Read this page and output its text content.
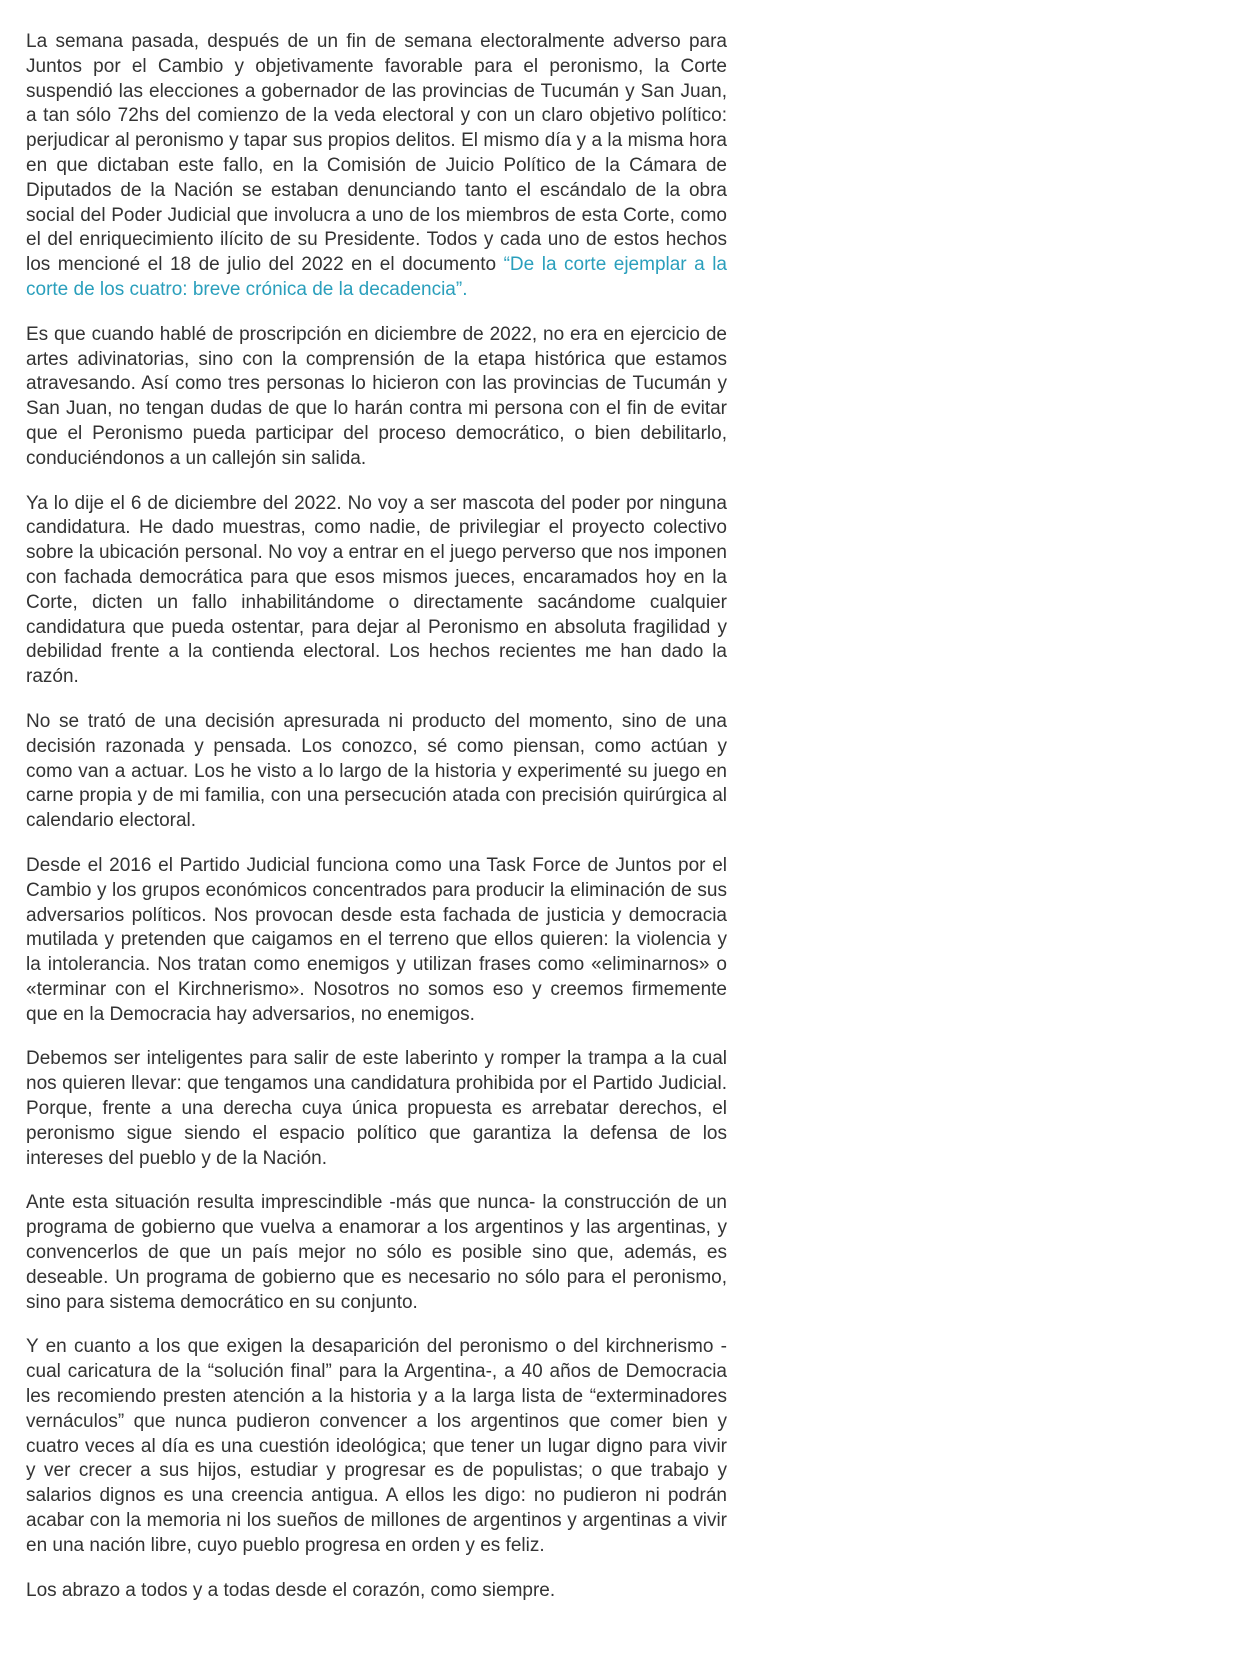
La semana pasada, después de un fin de semana electoralmente adverso para Juntos por el Cambio y objetivamente favorable para el peronismo, la Corte suspendió las elecciones a gobernador de las provincias de Tucumán y San Juan, a tan sólo 72hs del comienzo de la veda electoral y con un claro objetivo político: perjudicar al peronismo y tapar sus propios delitos. El mismo día y a la misma hora en que dictaban este fallo, en la Comisión de Juicio Político de la Cámara de Diputados de la Nación se estaban denunciando tanto el escándalo de la obra social del Poder Judicial que involucra a uno de los miembros de esta Corte, como el del enriquecimiento ilícito de su Presidente. Todos y cada uno de estos hechos los mencioné el 18 de julio del 2022 en el documento “De la corte ejemplar a la corte de los cuatro: breve crónica de la decadencia”.

Es que cuando hablé de proscripción en diciembre de 2022, no era en ejercicio de artes adivinatorias, sino con la comprensión de la etapa histórica que estamos atravesando. Así como tres personas lo hicieron con las provincias de Tucumán y San Juan, no tengan dudas de que lo harán contra mi persona con el fin de evitar que el Peronismo pueda participar del proceso democrático, o bien debilitarlo, conduciéndonos a un callejón sin salida.

Ya lo dije el 6 de diciembre del 2022. No voy a ser mascota del poder por ninguna candidatura. He dado muestras, como nadie, de privilegiar el proyecto colectivo sobre la ubicación personal. No voy a entrar en el juego perverso que nos imponen con fachada democrática para que esos mismos jueces, encaramados hoy en la Corte, dicten un fallo inhabilitándome o directamente sacándome cualquier candidatura que pueda ostentar, para dejar al Peronismo en absoluta fragilidad y debilidad frente a la contienda electoral. Los hechos recientes me han dado la razón.

No se trató de una decisión apresurada ni producto del momento, sino de una decisión razonada y pensada. Los conozco, sé como piensan, como actúan y como van a actuar. Los he visto a lo largo de la historia y experimenté su juego en carne propia y de mi familia, con una persecución atada con precisión quirúrgica al calendario electoral.

Desde el 2016 el Partido Judicial funciona como una Task Force de Juntos por el Cambio y los grupos económicos concentrados para producir la eliminación de sus adversarios políticos. Nos provocan desde esta fachada de justicia y democracia mutilada y pretenden que caigamos en el terreno que ellos quieren: la violencia y la intolerancia. Nos tratan como enemigos y utilizan frases como «eliminarnos» o «terminar con el Kirchnerismo». Nosotros no somos eso y creemos firmemente que en la Democracia hay adversarios, no enemigos.

Debemos ser inteligentes para salir de este laberinto y romper la trampa a la cual nos quieren llevar: que tengamos una candidatura prohibida por el Partido Judicial. Porque, frente a una derecha cuya única propuesta es arrebatar derechos, el peronismo sigue siendo el espacio político que garantiza la defensa de los intereses del pueblo y de la Nación.

Ante esta situación resulta imprescindible -más que nunca- la construcción de un programa de gobierno que vuelva a enamorar a los argentinos y las argentinas, y convencerlos de que un país mejor no sólo es posible sino que, además, es deseable. Un programa de gobierno que es necesario no sólo para el peronismo, sino para sistema democrático en su conjunto.

Y en cuanto a los que exigen la desaparición del peronismo o del kirchnerismo -cual caricatura de la “solución final” para la Argentina-, a 40 años de Democracia les recomiendo presten atención a la historia y a la larga lista de “exterminadores vernáculos” que nunca pudieron convencer a los argentinos que comer bien y cuatro veces al día es una cuestión ideológica; que tener un lugar digno para vivir y ver crecer a sus hijos, estudiar y progresar es de populistas; o que trabajo y salarios dignos es una creencia antigua. A ellos les digo: no pudieron ni podrán acabar con la memoria ni los sueños de millones de argentinos y argentinas a vivir en una nación libre, cuyo pueblo progresa en orden y es feliz.

Los abrazo a todos y a todas desde el corazón, como siempre.
